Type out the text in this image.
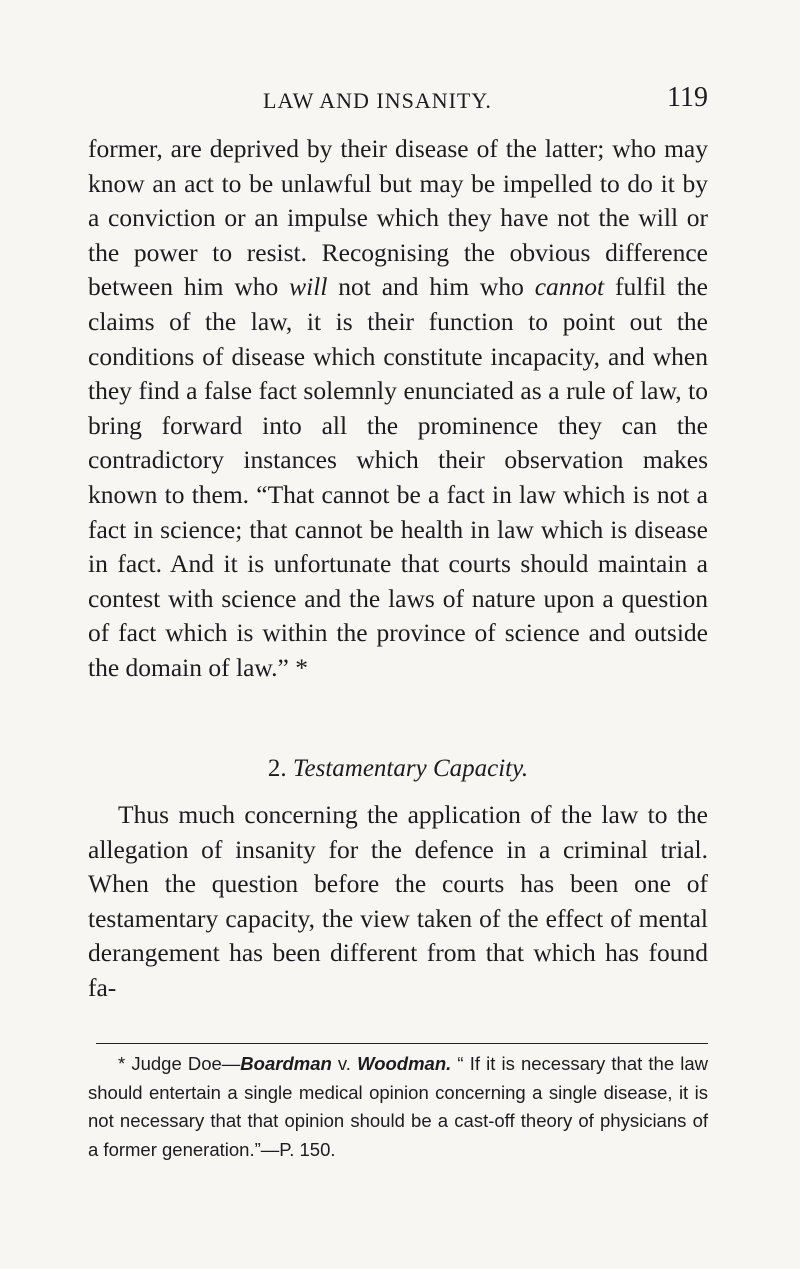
LAW AND INSANITY.	119

former, are deprived by their disease of the latter; who may know an act to be unlawful but may be impelled to do it by a conviction or an impulse which they have not the will or the power to resist. Recognising the obvious difference between him who will not and him who cannot fulfil the claims of the law, it is their function to point out the conditions of disease which constitute incapacity, and when they find a false fact solemnly enunciated as a rule of law, to bring forward into all the prominence they can the contradictory instances which their observation makes known to them. “That cannot be a fact in law which is not a fact in science; that cannot be health in law which is disease in fact. And it is unfortunate that courts should maintain a contest with science and the laws of nature upon a question of fact which is within the province of science and outside the domain of law.” *

2. Testamentary Capacity.

Thus much concerning the application of the law to the allegation of insanity for the defence in a criminal trial. When the question before the courts has been one of testamentary capacity, the view taken of the effect of mental derangement has been different from that which has found fa-

* Judge Doe—Boardman v. Woodman. “ If it is necessary that the law should entertain a single medical opinion concerning a single disease, it is not necessary that that opinion should be a cast-off theory of physicians of a former generation.”—P. 150.
